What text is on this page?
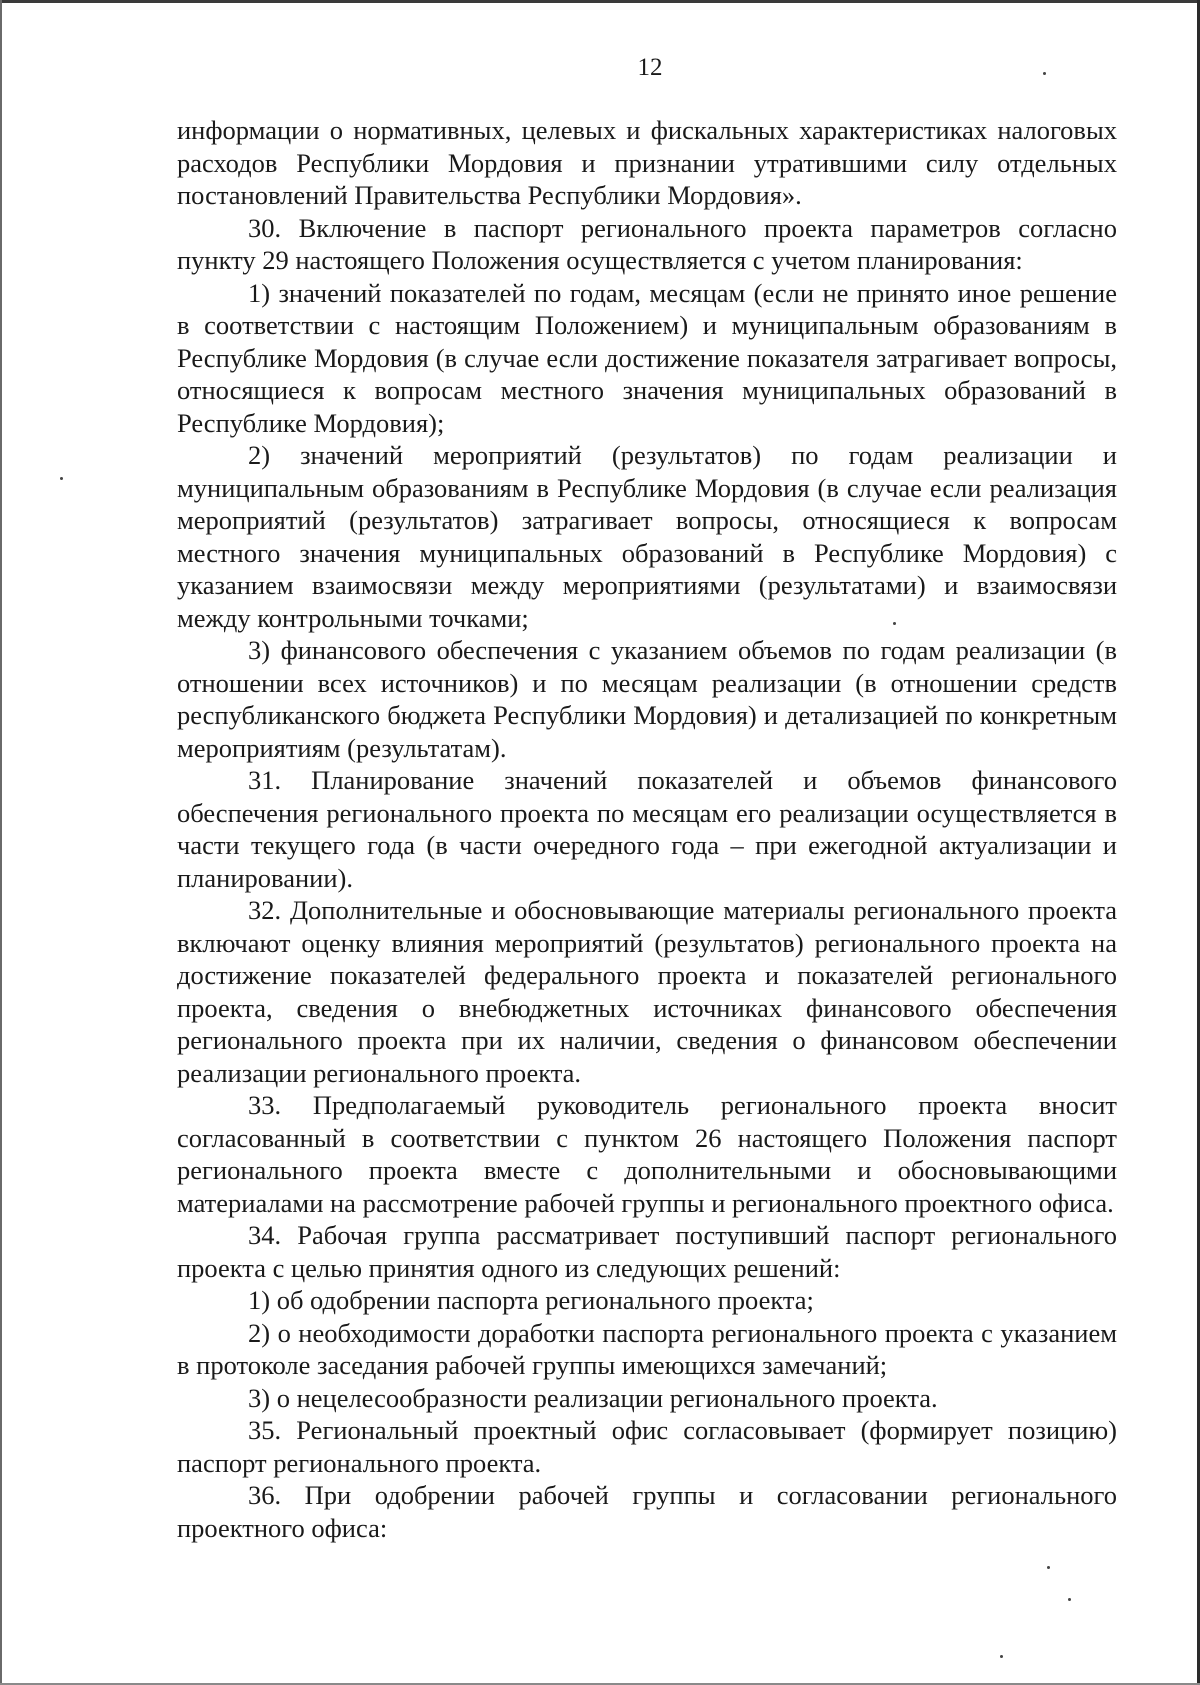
12

информации о нормативных, целевых и фискальных характеристиках налоговых расходов Республики Мордовия и признании утратившими силу отдельных постановлений Правительства Республики Мордовия».

30. Включение в паспорт регионального проекта параметров согласно пункту 29 настоящего Положения осуществляется с учетом планирования:

1) значений показателей по годам, месяцам (если не принято иное решение в соответствии с настоящим Положением) и муниципальным образованиям в Республике Мордовия (в случае если достижение показателя затрагивает вопросы, относящиеся к вопросам местного значения муниципальных образований в Республике Мордовия);

2) значений мероприятий (результатов) по годам реализации и муниципальным образованиям в Республике Мордовия (в случае если реализация мероприятий (результатов) затрагивает вопросы, относящиеся к вопросам местного значения муниципальных образований в Республике Мордовия) с указанием взаимосвязи между мероприятиями (результатами) и взаимосвязи между контрольными точками;

3) финансового обеспечения с указанием объемов по годам реализации (в отношении всех источников) и по месяцам реализации (в отношении средств республиканского бюджета Республики Мордовия) и детализацией по конкретным мероприятиям (результатам).

31. Планирование значений показателей и объемов финансового обеспечения регионального проекта по месяцам его реализации осуществляется в части текущего года (в части очередного года – при ежегодной актуализации и планировании).

32. Дополнительные и обосновывающие материалы регионального проекта включают оценку влияния мероприятий (результатов) регионального проекта на достижение показателей федерального проекта и показателей регионального проекта, сведения о внебюджетных источниках финансового обеспечения регионального проекта при их наличии, сведения о финансовом обеспечении реализации регионального проекта.

33. Предполагаемый руководитель регионального проекта вносит согласованный в соответствии с пунктом 26 настоящего Положения паспорт регионального проекта вместе с дополнительными и обосновывающими материалами на рассмотрение рабочей группы и регионального проектного офиса.

34. Рабочая группа рассматривает поступивший паспорт регионального проекта с целью принятия одного из следующих решений:

1) об одобрении паспорта регионального проекта;

2) о необходимости доработки паспорта регионального проекта с указанием в протоколе заседания рабочей группы имеющихся замечаний;

3) о нецелесообразности реализации регионального проекта.

35. Региональный проектный офис согласовывает (формирует позицию) паспорт регионального проекта.

36. При одобрении рабочей группы и согласовании регионального проектного офиса:
